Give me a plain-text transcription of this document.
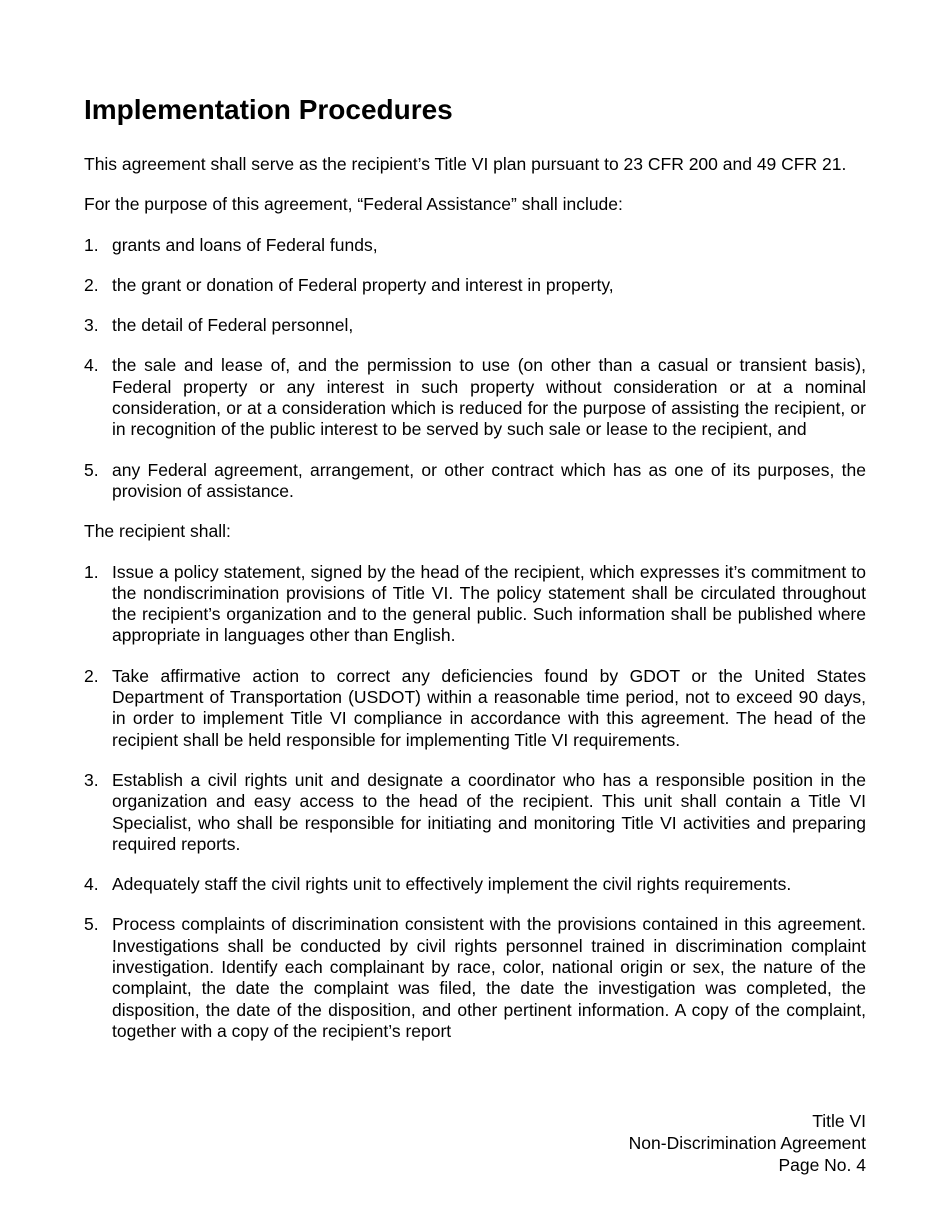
Implementation Procedures

This agreement shall serve as the recipient’s Title VI plan pursuant to 23 CFR 200 and 49 CFR 21.

For the purpose of this agreement, “Federal Assistance” shall include:

1. grants and loans of Federal funds,
2. the grant or donation of Federal property and interest in property,
3. the detail of Federal personnel,
4. the sale and lease of, and the permission to use (on other than a casual or transient basis), Federal property or any interest in such property without consideration or at a nominal consideration, or at a consideration which is reduced for the purpose of assisting the recipient, or in recognition of the public interest to be served by such sale or lease to the recipient, and
5. any Federal agreement, arrangement, or other contract which has as one of its purposes, the provision of assistance.

The recipient shall:

1. Issue a policy statement, signed by the head of the recipient, which expresses it’s commitment to the nondiscrimination provisions of Title VI. The policy statement shall be circulated throughout the recipient’s organization and to the general public. Such information shall be published where appropriate in languages other than English.
2. Take affirmative action to correct any deficiencies found by GDOT or the United States Department of Transportation (USDOT) within a reasonable time period, not to exceed 90 days, in order to implement Title VI compliance in accordance with this agreement. The head of the recipient shall be held responsible for implementing Title VI requirements.
3. Establish a civil rights unit and designate a coordinator who has a responsible position in the organization and easy access to the head of the recipient. This unit shall contain a Title VI Specialist, who shall be responsible for initiating and monitoring Title VI activities and preparing required reports.
4. Adequately staff the civil rights unit to effectively implement the civil rights requirements.
5. Process complaints of discrimination consistent with the provisions contained in this agreement. Investigations shall be conducted by civil rights personnel trained in discrimination complaint investigation. Identify each complainant by race, color, national origin or sex, the nature of the complaint, the date the complaint was filed, the date the investigation was completed, the disposition, the date of the disposition, and other pertinent information. A copy of the complaint, together with a copy of the recipient’s report
Title VI
Non-Discrimination Agreement
Page No. 4
